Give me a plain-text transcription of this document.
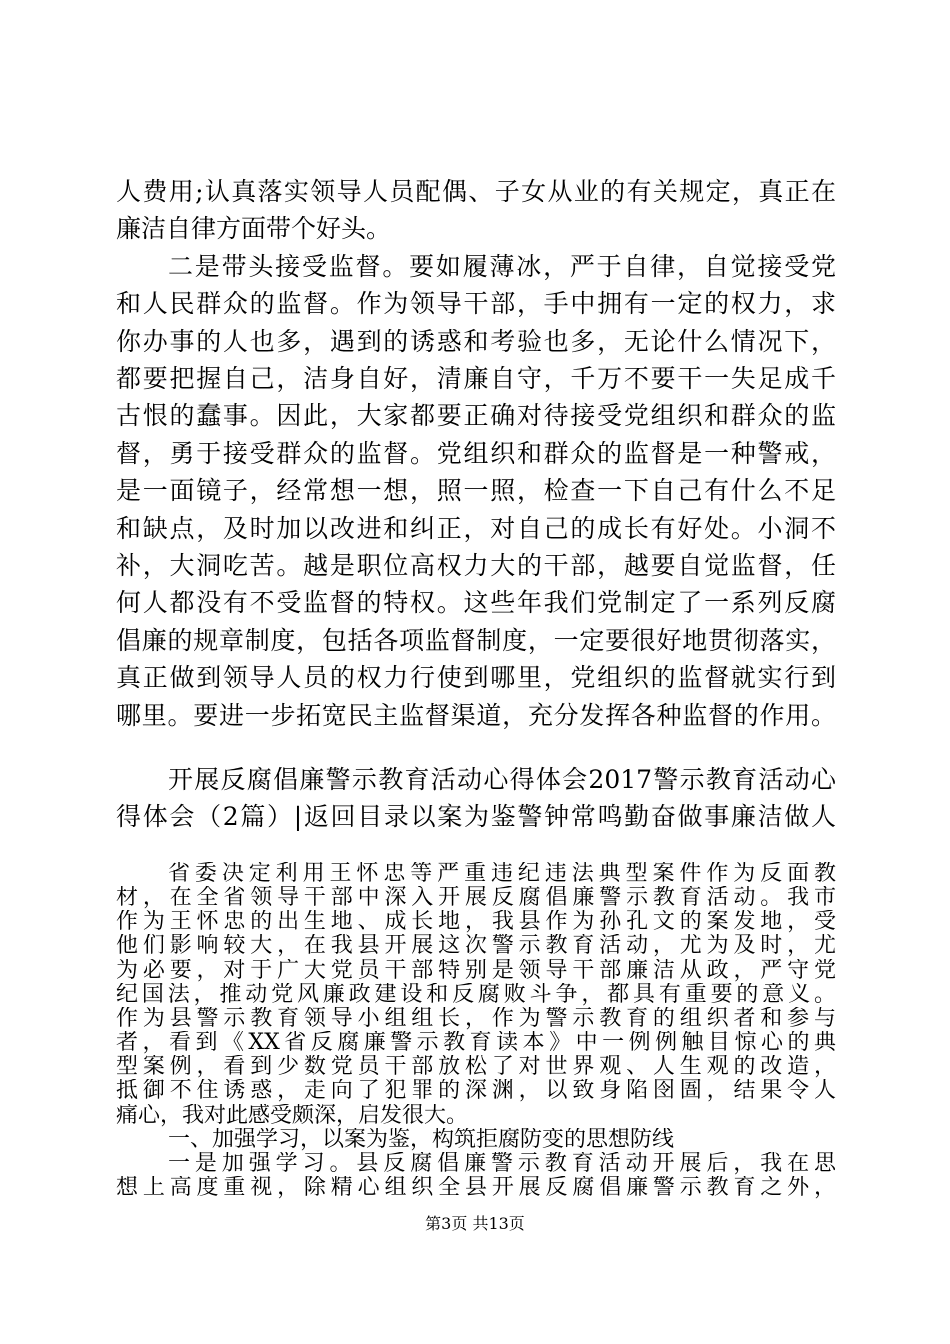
人费用;认真落实领导人员配偶、子女从业的有关规定，真正在
廉洁自律方面带个好头。
二是带头接受监督。要如履薄冰，严于自律，自觉接受党
和人民群众的监督。作为领导干部，手中拥有一定的权力，求
你办事的人也多，遇到的诱惑和考验也多，无论什么情况下，
都要把握自己，洁身自好，清廉自守，千万不要干一失足成千
古恨的蠢事。因此，大家都要正确对待接受党组织和群众的监
督，勇于接受群众的监督。党组织和群众的监督是一种警戒，
是一面镜子，经常想一想，照一照，检查一下自己有什么不足
和缺点，及时加以改进和纠正，对自己的成长有好处。小洞不
补，大洞吃苦。越是职位高权力大的干部，越要自觉监督，任
何人都没有不受监督的特权。这些年我们党制定了一系列反腐
倡廉的规章制度，包括各项监督制度，一定要很好地贯彻落实，
真正做到领导人员的权力行使到哪里，党组织的监督就实行到
哪里。要进一步拓宽民主监督渠道，充分发挥各种监督的作用。
开展反腐倡廉警示教育活动心得体会2017警示教育活动心
得体会（2篇）|返回目录以案为鉴警钟常鸣勤奋做事廉洁做人
省委决定利用王怀忠等严重违纪违法典型案件作为反面教
材，在全省领导干部中深入开展反腐倡廉警示教育活动。我市
作为王怀忠的出生地、成长地，我县作为孙孔文的案发地，受
他们影响较大，在我县开展这次警示教育活动，尤为及时，尤
为必要，对于广大党员干部特别是领导干部廉洁从政，严守党
纪国法，推动党风廉政建设和反腐败斗争，都具有重要的意义。
作为县警示教育领导小组组长，作为警示教育的组织者和参与
者，看到《XX省反腐廉警示教育读本》中一例例触目惊心的典
型案例，看到少数党员干部放松了对世界观、人生观的改造，
抵御不住诱惑，走向了犯罪的深渊，以致身陷囹圄，结果令人
痛心，我对此感受颇深，启发很大。
一、加强学习，以案为鉴，构筑拒腐防变的思想防线
一是加强学习。县反腐倡廉警示教育活动开展后，我在思
想上高度重视，除精心组织全县开展反腐倡廉警示教育之外，
第3页 共13页
